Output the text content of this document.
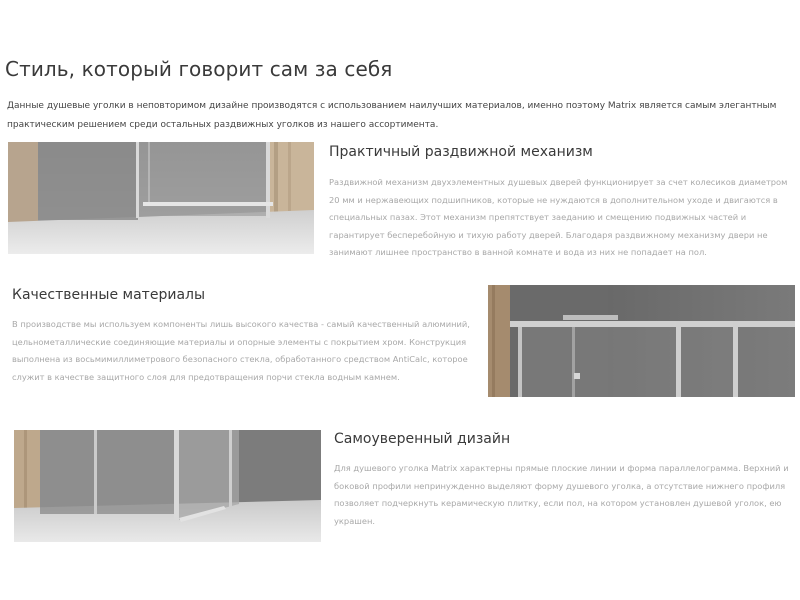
Стиль, который говорит сам за себя

Данные душевые уголки в неповторимом дизайне производятся с использованием наилучших материалов, именно поэтому Matrix является самым элегантным практическим решением среди остальных раздвижных уголков из нашего ассортимента.

Практичный раздвижной механизм

Раздвижной механизм двухэлементных душевых дверей функционирует за счет колесиков диаметром 20 мм и нержавеющих подшипников, которые не нуждаются в дополнительном уходе и двигаются в специальных пазах. Этот механизм препятствует заеданию и смещению подвижных частей и гарантирует бесперебойную и тихую работу дверей. Благодаря раздвижному механизму двери не занимают лишнее пространство в ванной комнате и вода из них не попадает на пол.

Качественные материалы

В производстве мы используем компоненты лишь высокого качества - самый качественный алюминий, цельнометаллические соединяющие материалы и опорные элементы с покрытием хром. Конструкция выполнена из восьмимиллиметрового безопасного стекла, обработанного средством AntiCalc, которое служит в качестве защитного слоя для предотвращения порчи стекла водным камнем.

Самоуверенный дизайн

Для душевого уголка Matrix характерны прямые плоские линии и форма параллелограмма. Верхний и боковой профили непринужденно выделяют форму душевого уголка, а отсутствие нижнего профиля позволяет подчеркнуть керамическую плитку, если пол, на котором установлен душевой уголок, ею украшен.
